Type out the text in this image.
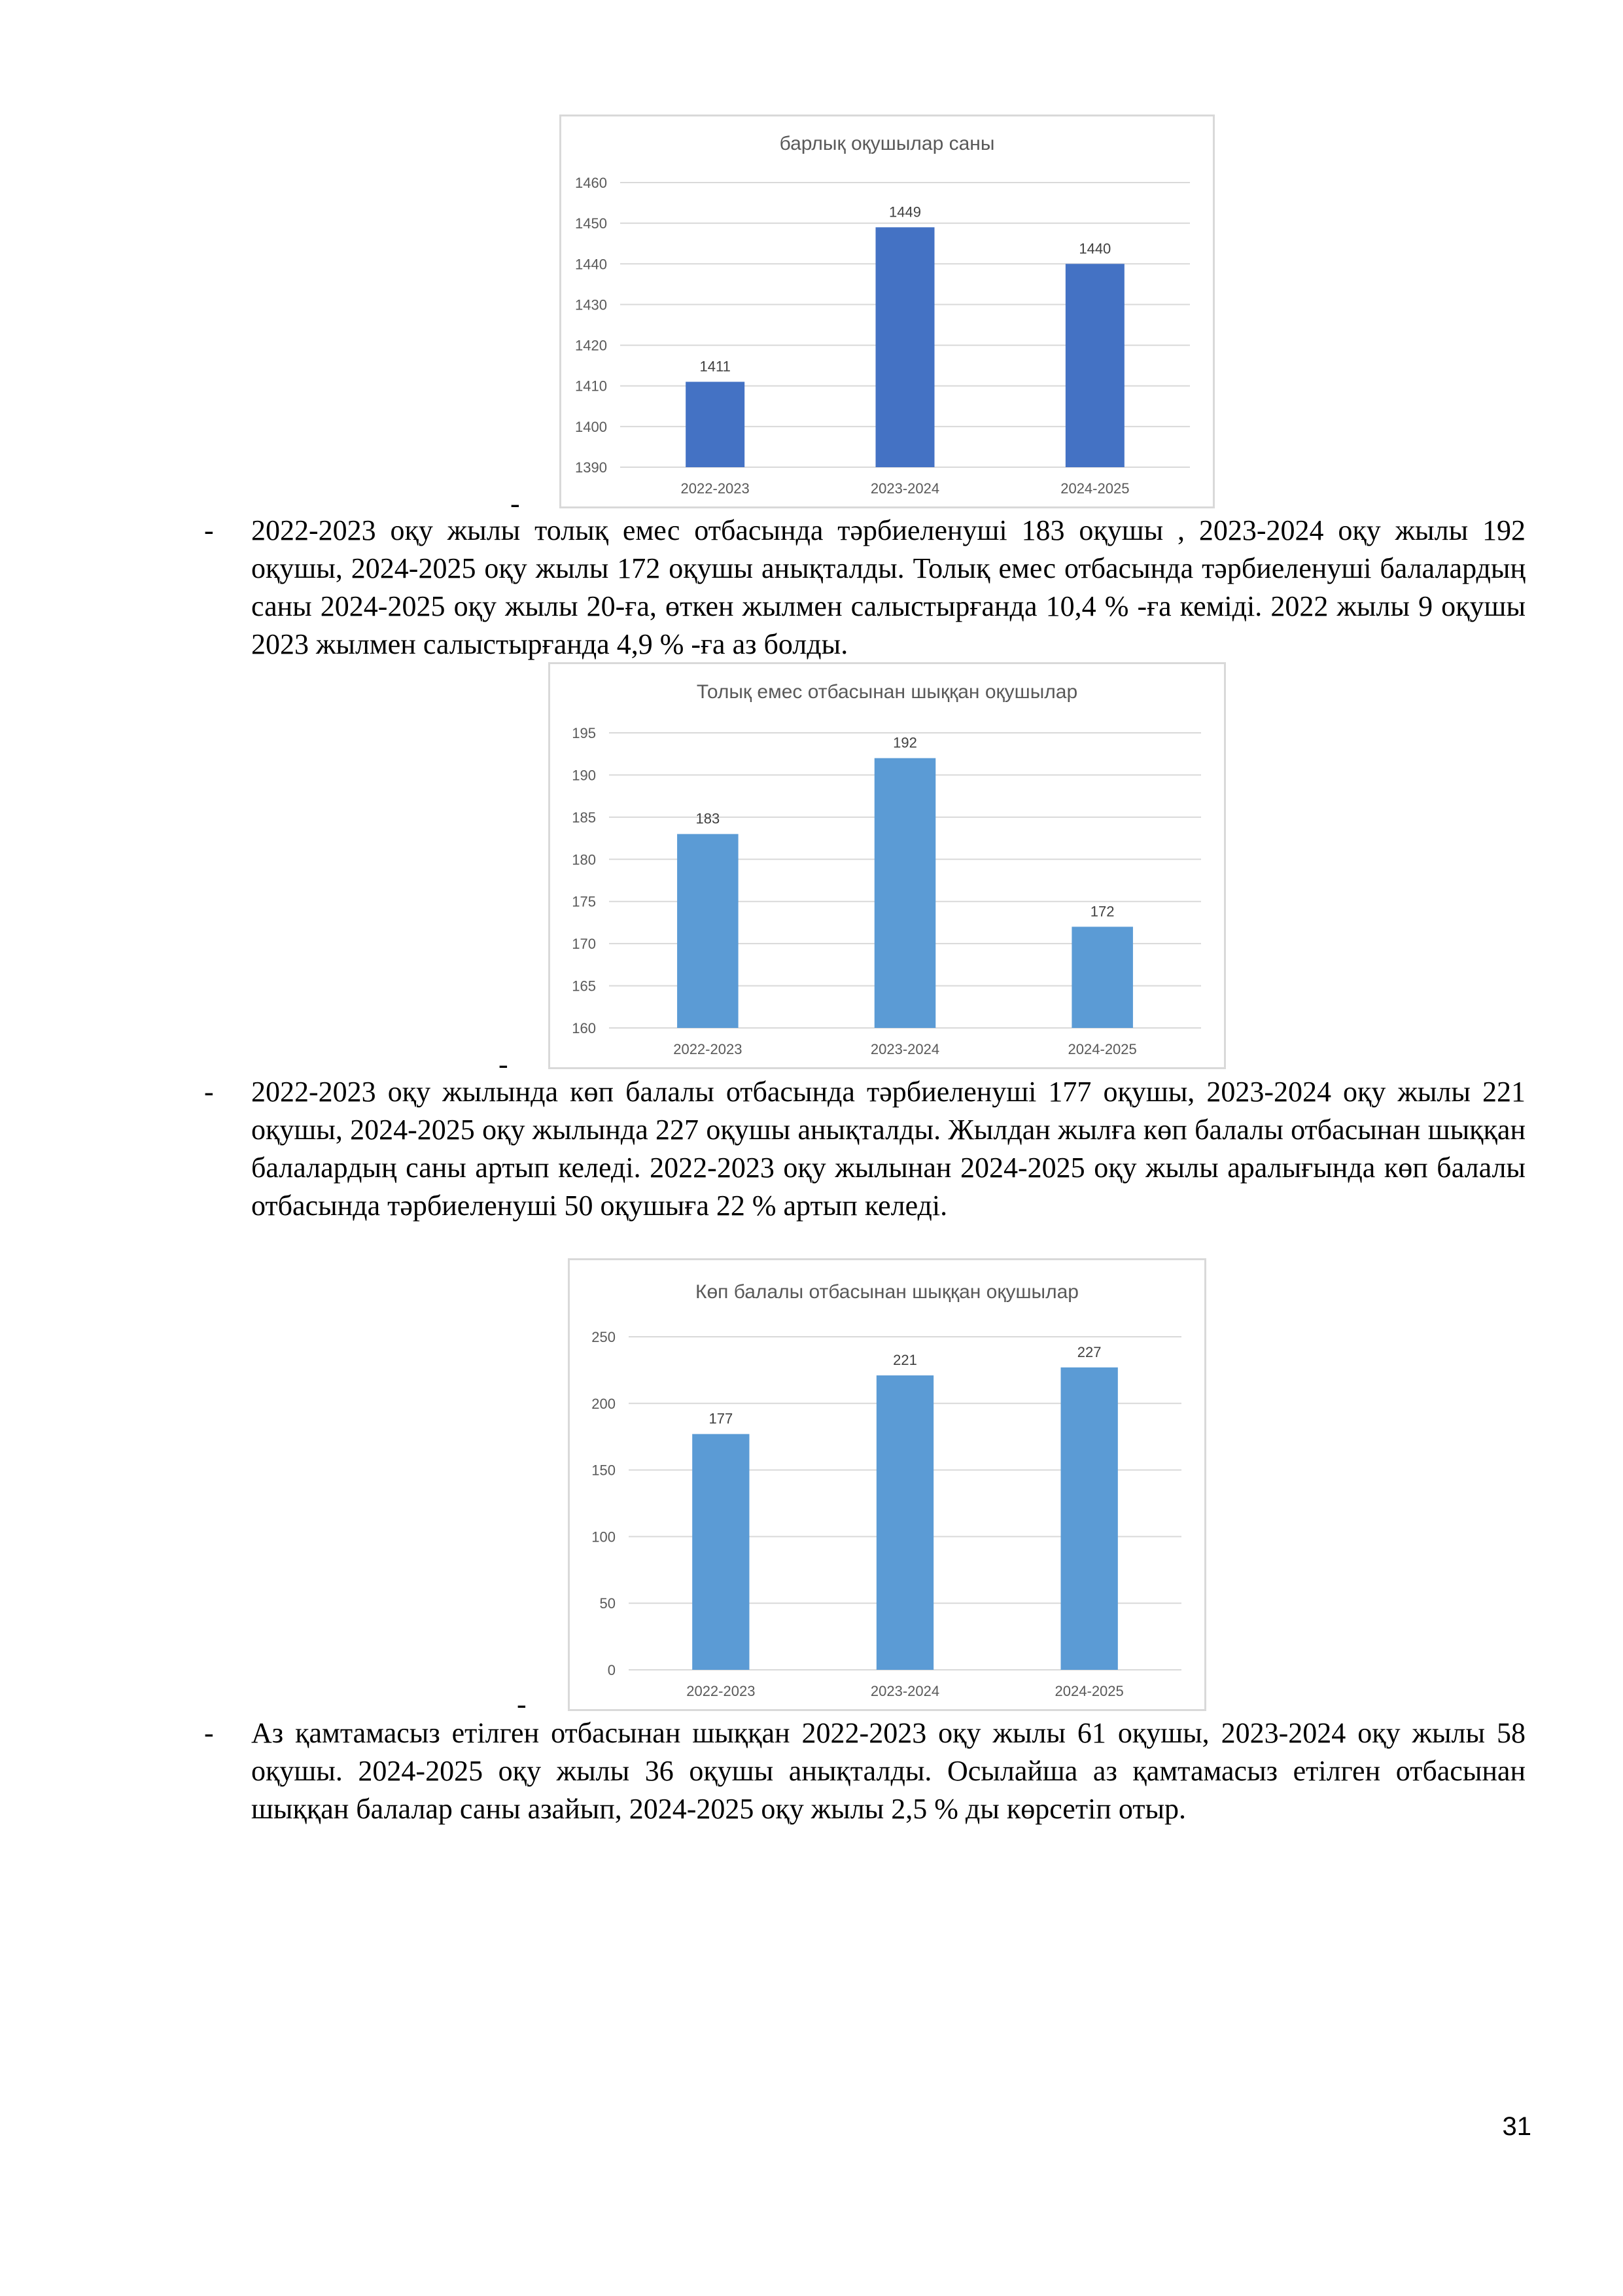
барлық оқушылар саны
1390
1400
1410
1420
1430
1440
1450
1460
1411
2022-2023
1449
2023-2024
1440
2024-2025
-
- 2022-2023 оқу жылы толық емес отбасында тәрбиеленуші 183 оқушы , 2023-2024 оқу жылы 192 оқушы, 2024-2025 оқу жылы 172 оқушы анықталды. Толық емес отбасында тәрбиеленуші балалардың саны 2024-2025 оқу жылы 20-ға, өткен жылмен салыстырғанда 10,4 % -ға кеміді. 2022 жылы 9 оқушы 2023 жылмен салыстырғанда 4,9 % -ға аз болды.
Толық емес отбасынан шыққан оқушылар
160
165
170
175
180
185
190
195
183
2022-2023
192
2023-2024
172
2024-2025
-
- 2022-2023 оқу жылында көп балалы отбасында тәрбиеленуші 177 оқушы, 2023-2024 оқу жылы 221 оқушы, 2024-2025 оқу жылында 227 оқушы анықталды. Жылдан жылға көп балалы отбасынан шыққан балалардың саны артып келеді. 2022-2023 оқу жылынан 2024-2025 оқу жылы аралығында көп балалы отбасында тәрбиеленуші 50 оқушыға 22 % артып келеді.
Көп балалы отбасынан шыққан оқушылар
0
50
100
150
200
250
177
2022-2023
221
2023-2024
227
2024-2025
-
- Аз қамтамасыз етілген отбасынан шыққан 2022-2023 оқу жылы 61 оқушы, 2023-2024 оқу жылы 58 оқушы. 2024-2025 оқу жылы 36 оқушы анықталды. Осылайша аз қамтамасыз етілген отбасынан шыққан балалар саны азайып, 2024-2025 оқу жылы 2,5 % ды көрсетіп отыр.
31
